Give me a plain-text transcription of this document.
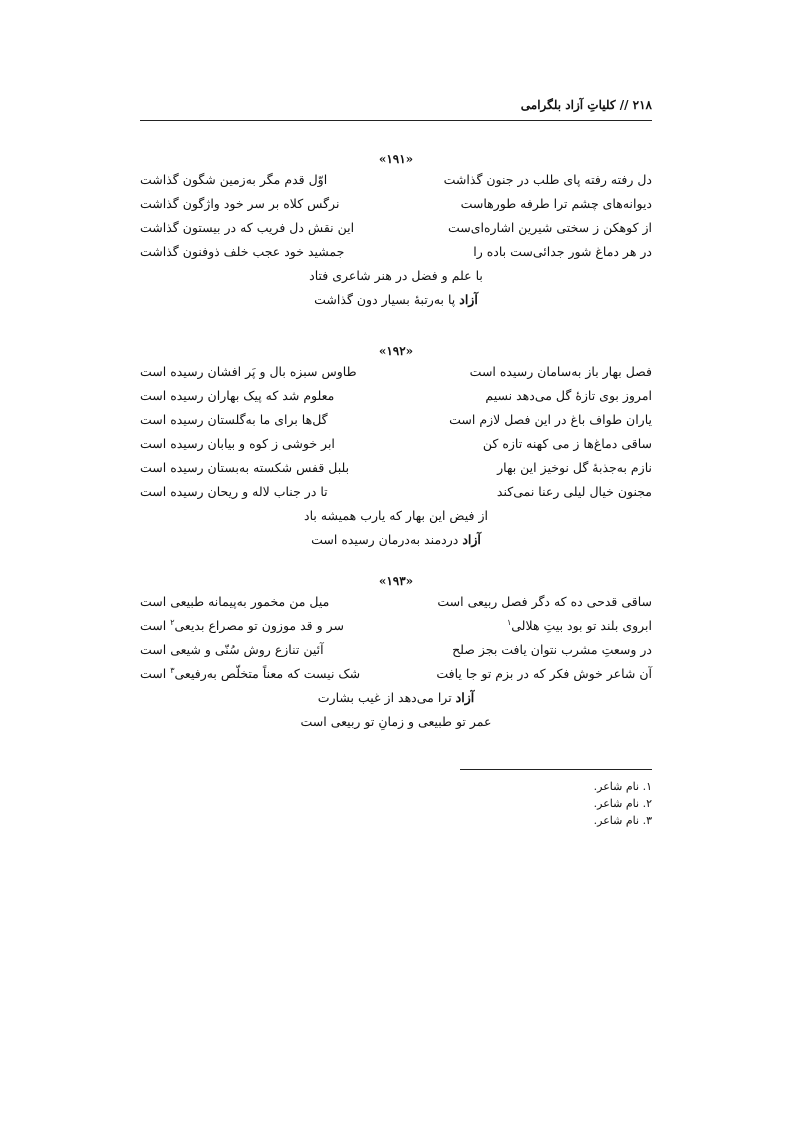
۲۱۸ // کلیاتِ آزاد بلگرامی
«۱۹۱»
دل رفته رفته پای طلب در جنون گذاشت
اوّل قدم مگر به‌زمین شگون گذاشت
دیوانه‌های چشم ترا طرفه طورهاست
نرگس کلاه بر سر خود واژگون گذاشت
از کوهکن ز سختی شیرین اشاره‌ای‌ست
این نقش دل فریب که در بیستون گذاشت
در هر دماغ شور جدائی‌ست باده را
جمشید خود عجب خلف ذوفنون گذاشت
با علم و فضل در هنر شاعری فتاد
آزاد پا به‌رتبهٔ بسیار دون گذاشت
«۱۹۲»
فصل بهار باز به‌سامان رسیده است
طاوس سبزه بال و پَر افشان رسیده است
امروز بوی تازهٔ گل می‌دهد نسیم
معلوم شد که پیک بهاران رسیده است
یاران طواف باغ در این فصل لازم است
گل‌ها برای ما به‌گلستان رسیده است
ساقی دماغ‌ها ز می کهنه تازه کن
ابر خوشی ز کوه و بیابان رسیده است
نازم به‌جذبهٔ گل نوخیز این بهار
بلبل قفس شکسته به‌بستان رسیده است
مجنون خیال لیلی رعنا نمی‌کند
تا در جناب لاله و ریحان رسیده است
از فیض این بهار که یارب همیشه باد
آزاد دردمند به‌درمان رسیده است
«۱۹۳»
ساقی قدحی ده که دگر فصل ربیعی است
میل من مخمور به‌پیمانه طبیعی است
ابروی بلند تو بود بیتِ هلالی$^۱$
سر و قد موزون تو مصراع بدیعی$^۲$ است
در وسعتِ مشرب نتوان یافت بجز صلح
آئین تنازع روش سُنّی و شیعی است
آن شاعر خوش فکر که در بزم تو جا یافت
شک نیست که معناً متخلّص به‌رفیعی$^۳$ است
آزاد ترا می‌دهد از غیب بشارت
عمر تو طبیعی و زمانِ تو ربیعی است
۱. نام شاعر.
۲. نام شاعر.
۳. نام شاعر.
